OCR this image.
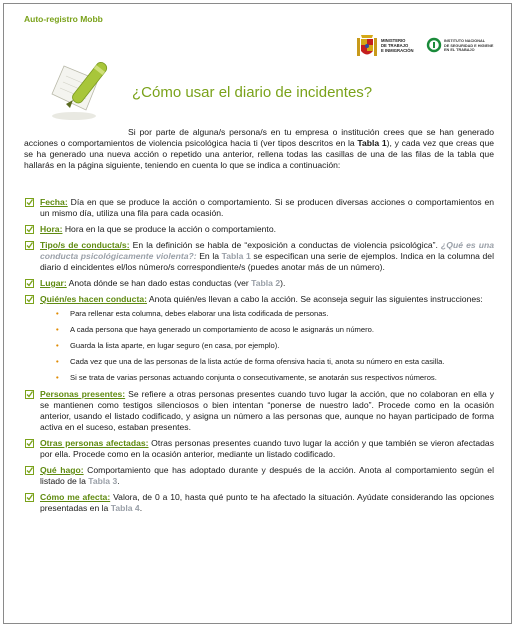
Auto-registro Mobb
MINISTERIO
DE TRABAJO
E INMIGRACIÓN
INSTITUTO NACIONAL
DE SEGURIDAD E HIGIENE
EN EL TRABAJO
¿Cómo usar el diario de incidentes?

Si por parte de alguna/s persona/s en tu empresa o institución crees que se han generado acciones o comportamientos de violencia psicológica hacia ti (ver tipos descritos en la Tabla 1), y cada vez que creas que se ha generado una nueva acción o repetido una anterior, rellena todas las casillas de una de las filas de la tabla que hallarás en la página siguiente, teniendo en cuenta lo que se indica a continuación:

Fecha: Día en que se produce la acción o comportamiento. Si se producen diversas acciones o comportamientos en un mismo día, utiliza una fila para cada ocasión.
Hora: Hora en la que se produce la acción o comportamiento.
Tipo/s de conducta/s: En la definición se habla de “exposición a conductas de violencia psicológica”. ¿Qué es una conducta psicológicamente violenta?: En la Tabla 1 se especifican una serie de ejemplos. Indica en la columna del diario d eincidentes el/los número/s correspondiente/s (puedes anotar más de un número).
Lugar: Anota dónde se han dado estas conductas (ver Tabla 2).
Quién/es hacen conducta: Anota quién/es llevan a cabo la acción. Se aconseja seguir las siguientes instrucciones:
• Para rellenar esta columna, debes elaborar una lista codificada de personas.
• A cada persona que haya generado un comportamiento de acoso le asignarás un número.
• Guarda la lista aparte, en lugar seguro (en casa, por ejemplo).
• Cada vez que una de las personas de la lista actúe de forma ofensiva hacia ti, anota su número en esta casilla.
• Si se trata de varias personas actuando conjunta o consecutivamente, se anotarán sus respectivos números.
Personas presentes: Se refiere a otras personas presentes cuando tuvo lugar la acción, que no colaboran en ella y se mantienen como testigos silenciosos o bien intentan “ponerse de nuestro lado”. Procede como en la ocasión anterior, usando el listado codificado, y asigna un número a las personas que, aunque no hayan participado de forma activa en el suceso, estaban presentes.
Otras personas afectadas: Otras personas presentes cuando tuvo lugar la acción y que también se vieron afectadas por ella. Procede como en la ocasión anterior, mediante un listado codificado.
Qué hago: Comportamiento que has adoptado durante y después de la acción. Anota al comportamiento según el listado de la Tabla 3.
Cómo me afecta: Valora, de 0 a 10, hasta qué punto te ha afectado la situación. Ayúdate considerando las opciones presentadas en la Tabla 4.
